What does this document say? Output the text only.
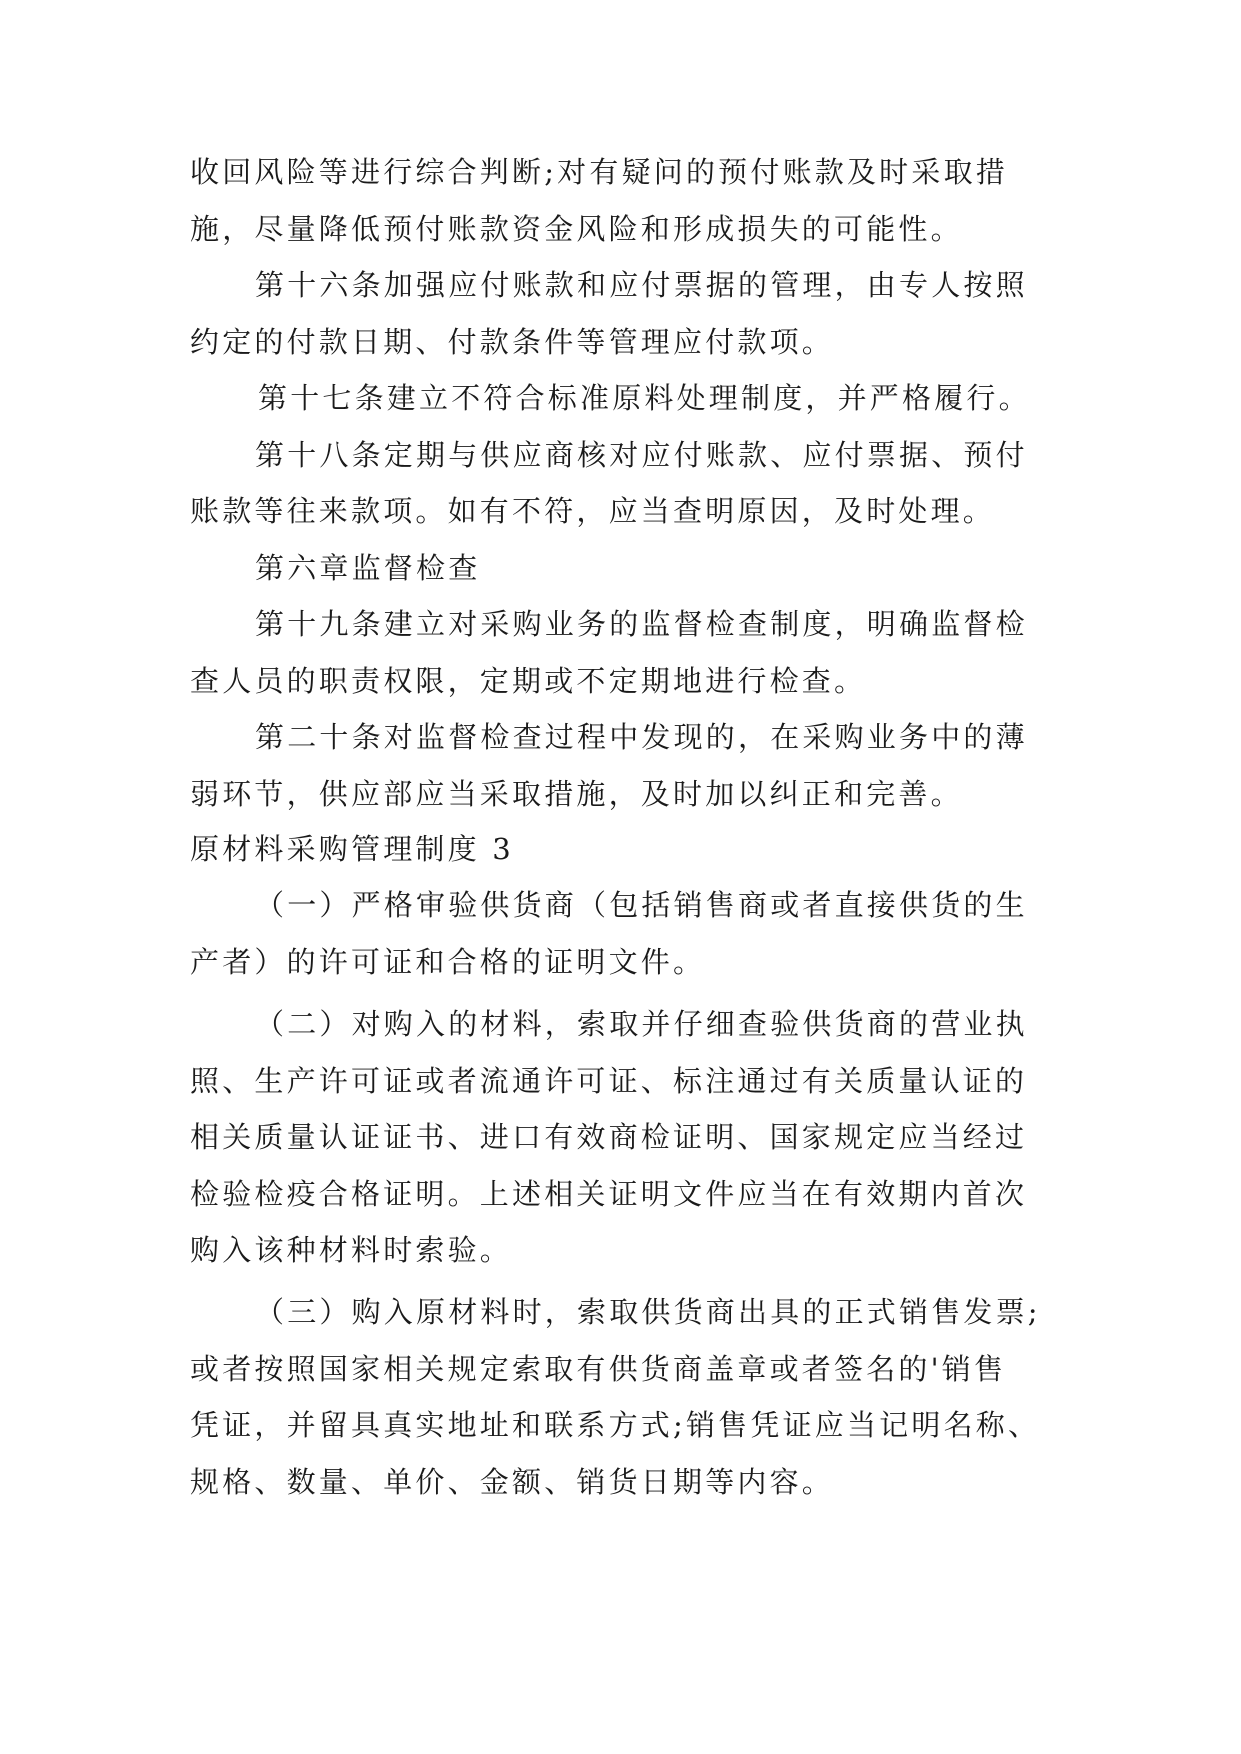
收回风险等进行综合判断;对有疑问的预付账款及时采取措
施，尽量降低预付账款资金风险和形成损失的可能性。
第十六条加强应付账款和应付票据的管理，由专人按照
约定的付款日期、付款条件等管理应付款项。
第十七条建立不符合标准原料处理制度，并严格履行。
第十八条定期与供应商核对应付账款、应付票据、预付
账款等往来款项。如有不符，应当查明原因，及时处理。
第六章监督检查
第十九条建立对采购业务的监督检查制度，明确监督检
查人员的职责权限，定期或不定期地进行检查。
第二十条对监督检查过程中发现的，在采购业务中的薄
弱环节，供应部应当采取措施，及时加以纠正和完善。
原材料采购管理制度 3
（一）严格审验供货商（包括销售商或者直接供货的生
产者）的许可证和合格的证明文件。
（二）对购入的材料，索取并仔细查验供货商的营业执
照、生产许可证或者流通许可证、标注通过有关质量认证的
相关质量认证证书、进口有效商检证明、国家规定应当经过
检验检疫合格证明。上述相关证明文件应当在有效期内首次
购入该种材料时索验。
（三）购入原材料时，索取供货商出具的正式销售发票;
或者按照国家相关规定索取有供货商盖章或者签名的'销售
凭证，并留具真实地址和联系方式;销售凭证应当记明名称、
规格、数量、单价、金额、销货日期等内容。
